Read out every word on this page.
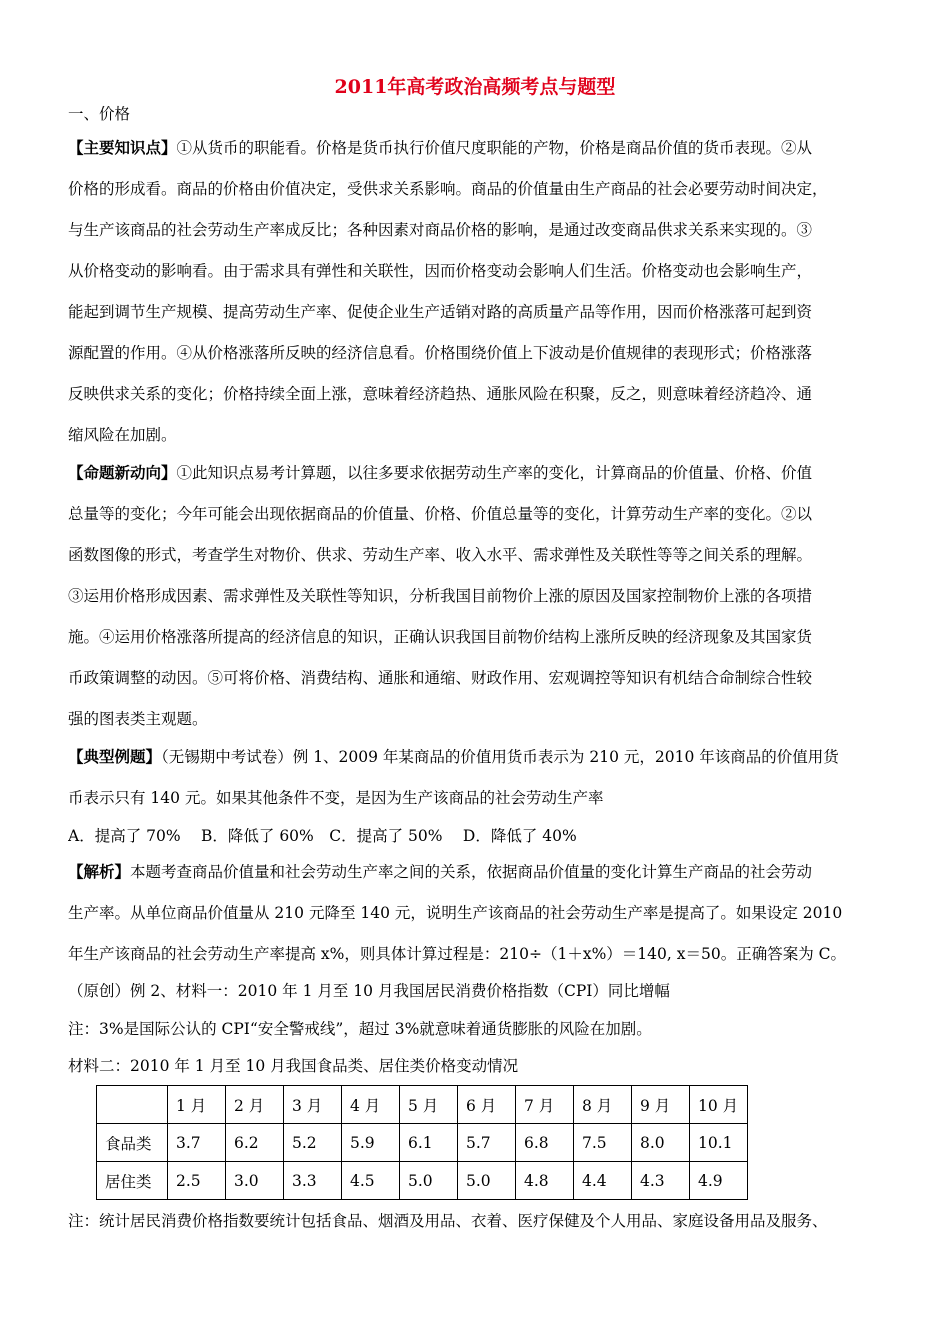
2011年高考政治高频考点与题型
一、价格
【主要知识点】①从货币的职能看。价格是货币执行价值尺度职能的产物，价格是商品价值的货币表现。②从
价格的形成看。商品的价格由价值决定，受供求关系影响。商品的价值量由生产商品的社会必要劳动时间决定，
与生产该商品的社会劳动生产率成反比；各种因素对商品价格的影响，是通过改变商品供求关系来实现的。③
从价格变动的影响看。由于需求具有弹性和关联性，因而价格变动会影响人们生活。价格变动也会影响生产，
能起到调节生产规模、提高劳动生产率、促使企业生产适销对路的高质量产品等作用，因而价格涨落可起到资
源配置的作用。④从价格涨落所反映的经济信息看。价格围绕价值上下波动是价值规律的表现形式；价格涨落
反映供求关系的变化；价格持续全面上涨，意味着经济趋热、通胀风险在积聚，反之，则意味着经济趋冷、通
缩风险在加剧。
【命题新动向】①此知识点易考计算题，以往多要求依据劳动生产率的变化，计算商品的价值量、价格、价值
总量等的变化；今年可能会出现依据商品的价值量、价格、价值总量等的变化，计算劳动生产率的变化。②以
函数图像的形式，考查学生对物价、供求、劳动生产率、收入水平、需求弹性及关联性等等之间关系的理解。
③运用价格形成因素、需求弹性及关联性等知识，分析我国目前物价上涨的原因及国家控制物价上涨的各项措
施。④运用价格涨落所提高的经济信息的知识，正确认识我国目前物价结构上涨所反映的经济现象及其国家货
币政策调整的动因。⑤可将价格、消费结构、通胀和通缩、财政作用、宏观调控等知识有机结合命制综合性较
强的图表类主观题。
【典型例题】（无锡期中考试卷）例 1、2009 年某商品的价值用货币表示为 210 元，2010 年该商品的价值用货
币表示只有 140 元。如果其他条件不变，是因为生产该商品的社会劳动生产率
A．提高了 70%　 B．降低了 60%　C．提高了 50%　 D．降低了 40%
【解析】本题考查商品价值量和社会劳动生产率之间的关系，依据商品价值量的变化计算生产商品的社会劳动
生产率。从单位商品价值量从 210 元降至 140 元，说明生产该商品的社会劳动生产率是提高了。如果设定 2010
年生产该商品的社会劳动生产率提高 x%，则具体计算过程是：210÷（1＋x%）＝140, x＝50。正确答案为 C。
（原创）例 2、材料一：2010 年 1 月至 10 月我国居民消费价格指数（CPI）同比增幅
注：3%是国际公认的 CPI“安全警戒线”，超过 3%就意味着通货膨胀的风险在加剧。
材料二：2010 年 1 月至 10 月我国食品类、居住类价格变动情况
	1 月	2 月	3 月	4 月	5 月	6 月	7 月	8 月	9 月	10 月
食品类	3.7	6.2	5.2	5.9	6.1	5.7	6.8	7.5	8.0	10.1
居住类	2.5	3.0	3.3	4.5	5.0	5.0	4.8	4.4	4.3	4.9
注：统计居民消费价格指数要统计包括食品、烟酒及用品、衣着、医疗保健及个人用品、家庭设备用品及服务、
